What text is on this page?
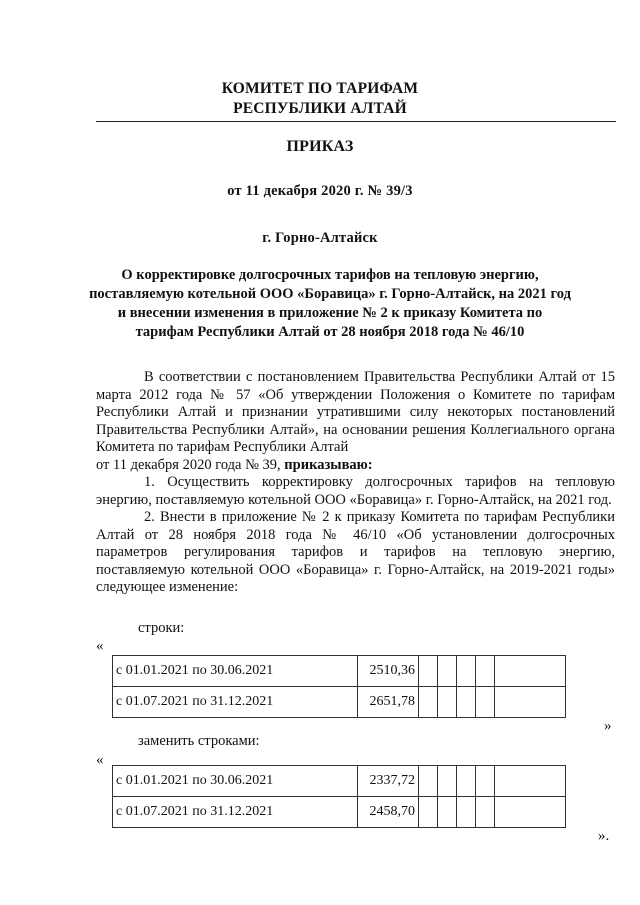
КОМИТЕТ ПО ТАРИФАМ
РЕСПУБЛИКИ АЛТАЙ
ПРИКАЗ
от 11 декабря 2020 г. № 39/3
г. Горно-Алтайск
О корректировке долгосрочных тарифов на тепловую энергию,
поставляемую котельной ООО «Боравица» г. Горно-Алтайск, на 2021 год
и внесении изменения в приложение № 2 к приказу Комитета по
тарифам Республики Алтай от 28 ноября 2018 года № 46/10

В соответствии с постановлением Правительства Республики Алтай от 15 марта 2012 года № 57 «Об утверждении Положения о Комитете по тарифам Республики Алтай и признании утратившими силу некоторых постановлений Правительства Республики Алтай», на основании решения Коллегиального органа Комитета по тарифам Республики Алтай
от 11 декабря 2020 года № 39, приказываю:

1. Осуществить корректировку долгосрочных тарифов на тепловую энергию, поставляемую котельной ООО «Боравица» г. Горно-Алтайск, на 2021 год.

2. Внести в приложение № 2 к приказу Комитета по тарифам Республики Алтай от 28 ноября 2018 года № 46/10 «Об установлении долгосрочных параметров регулирования тарифов и тарифов на тепловую энергию, поставляемую котельной ООО «Боравица» г. Горно-Алтайск, на 2019-2021 годы» следующее изменение:

строки:
«
с 01.01.2021 по 30.06.2021	2510,36					
с 01.07.2021 по 31.12.2021	2651,78					
»
заменить строками:
«
с 01.01.2021 по 30.06.2021	2337,72					
с 01.07.2021 по 31.12.2021	2458,70					
».
